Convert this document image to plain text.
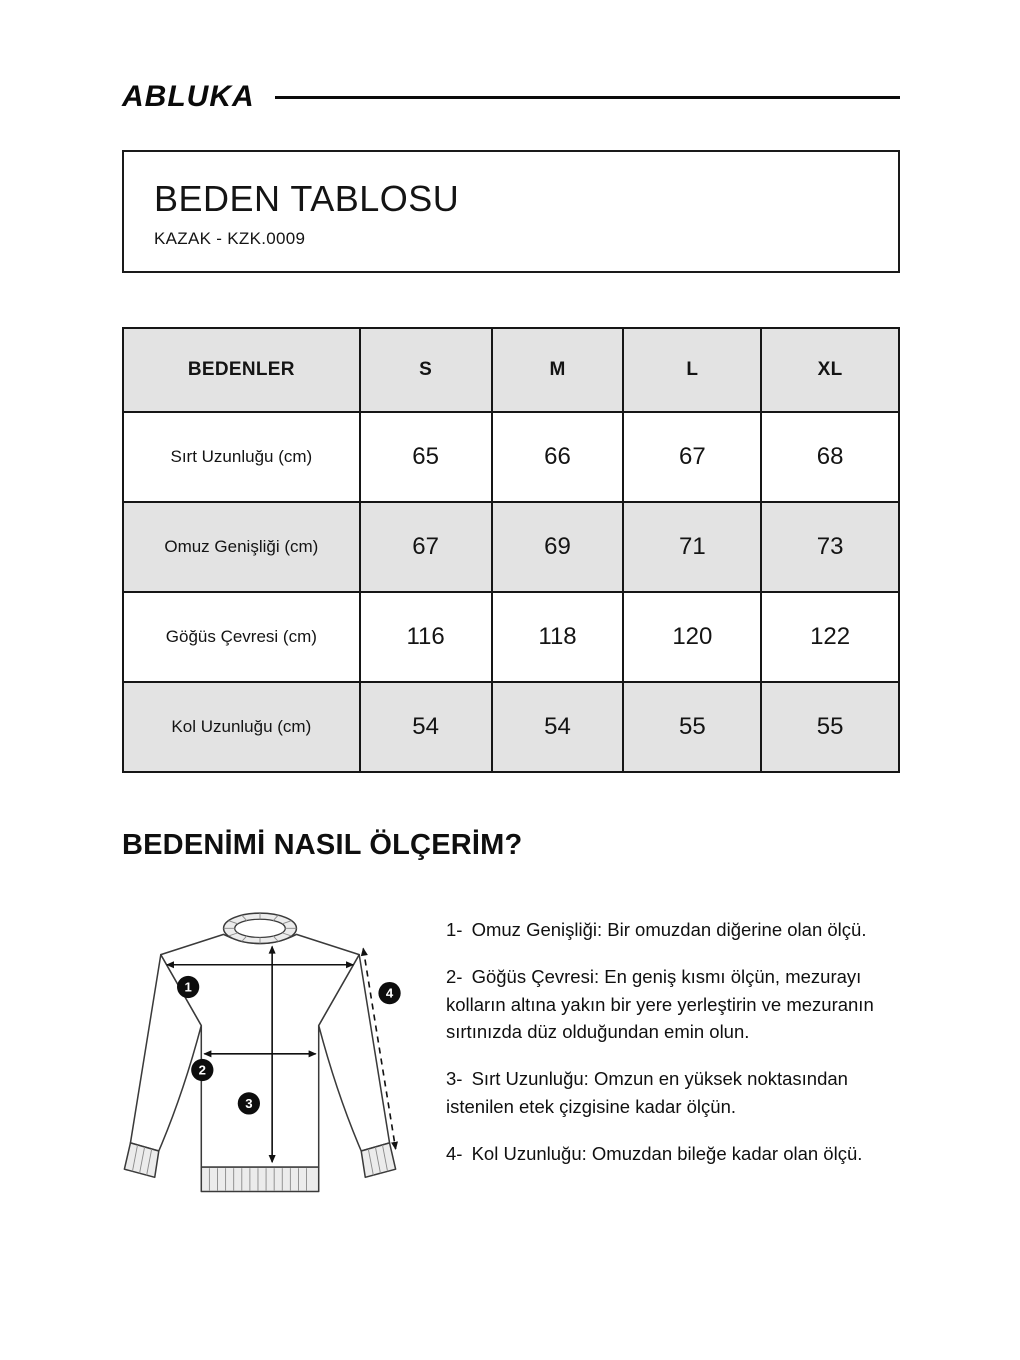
ABLUKA
BEDEN TABLOSU
KAZAK - KZK.0009
BEDENLER	S	M	L	XL
Sırt Uzunluğu (cm)	65	66	67	68
Omuz Genişliği (cm)	67	69	71	73
Göğüs Çevresi (cm)	116	118	120	122
Kol Uzunluğu (cm)	54	54	55	55
BEDENİMİ NASIL ÖLÇERİM?
1
2
3
4

1- Omuz Genişliği: Bir omuzdan diğerine olan ölçü.

2- Göğüs Çevresi: En geniş kısmı ölçün, mezurayı kolların altına yakın bir yere yerleştirin ve mezuranın sırtınızda düz olduğundan emin olun.

3- Sırt Uzunluğu: Omzun en yüksek noktasından istenilen etek çizgisine kadar ölçün.

4- Kol Uzunluğu: Omuzdan bileğe kadar olan ölçü.
